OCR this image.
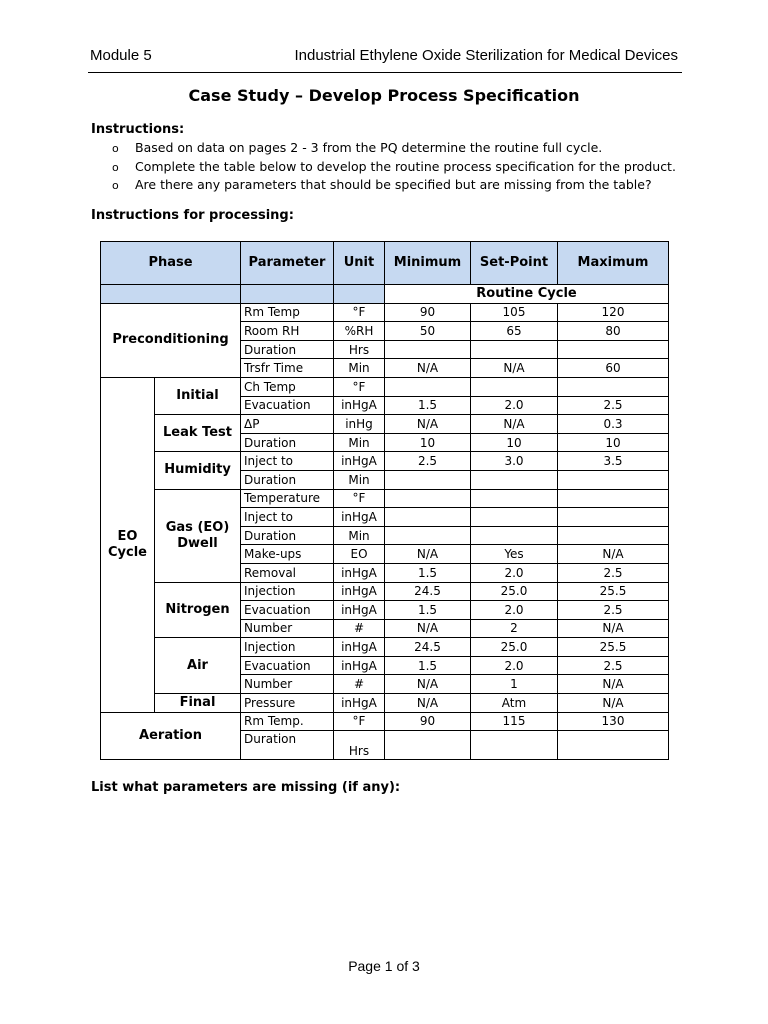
Module 5	Industrial Ethylene Oxide Sterilization for Medical Devices
Case Study – Develop Process Specification
Instructions:
o Based on data on pages 2 - 3 from the PQ determine the routine full cycle.
o Complete the table below to develop the routine process specification for the product.
o Are there any parameters that should be specified but are missing from the table?
Instructions for processing:
Phase		Parameter	Unit	Minimum	Set-Point	Maximum
				Routine Cycle		
Preconditioning		Rm Temp	°F	90	105	120
		Room RH	%RH	50	65	80
		Duration	Hrs			
		Trsfr Time	Min	N/A	N/A	60
EO Cycle	Initial	Ch Temp	°F			
		Evacuation	inHgA	1.5	2.0	2.5
	Leak Test	ΔP	inHg	N/A	N/A	0.3
		Duration	Min	10	10	10
	Humidity	Inject to	inHgA	2.5	3.0	3.5
		Duration	Min			
	Gas (EO) Dwell	Temperature	°F			
		Inject to	inHgA			
		Duration	Min			
		Make-ups	EO	N/A	Yes	N/A
		Removal	inHgA	1.5	2.0	2.5
	Nitrogen	Injection	inHgA	24.5	25.0	25.5
		Evacuation	inHgA	1.5	2.0	2.5
		Number	#	N/A	2	N/A
	Air	Injection	inHgA	24.5	25.0	25.5
		Evacuation	inHgA	1.5	2.0	2.5
		Number	#	N/A	1	N/A
	Final	Pressure	inHgA	N/A	Atm	N/A
Aeration		Rm Temp.	°F	90	115	130
		Duration	Hrs			
List what parameters are missing (if any):
Page 1 of 3
